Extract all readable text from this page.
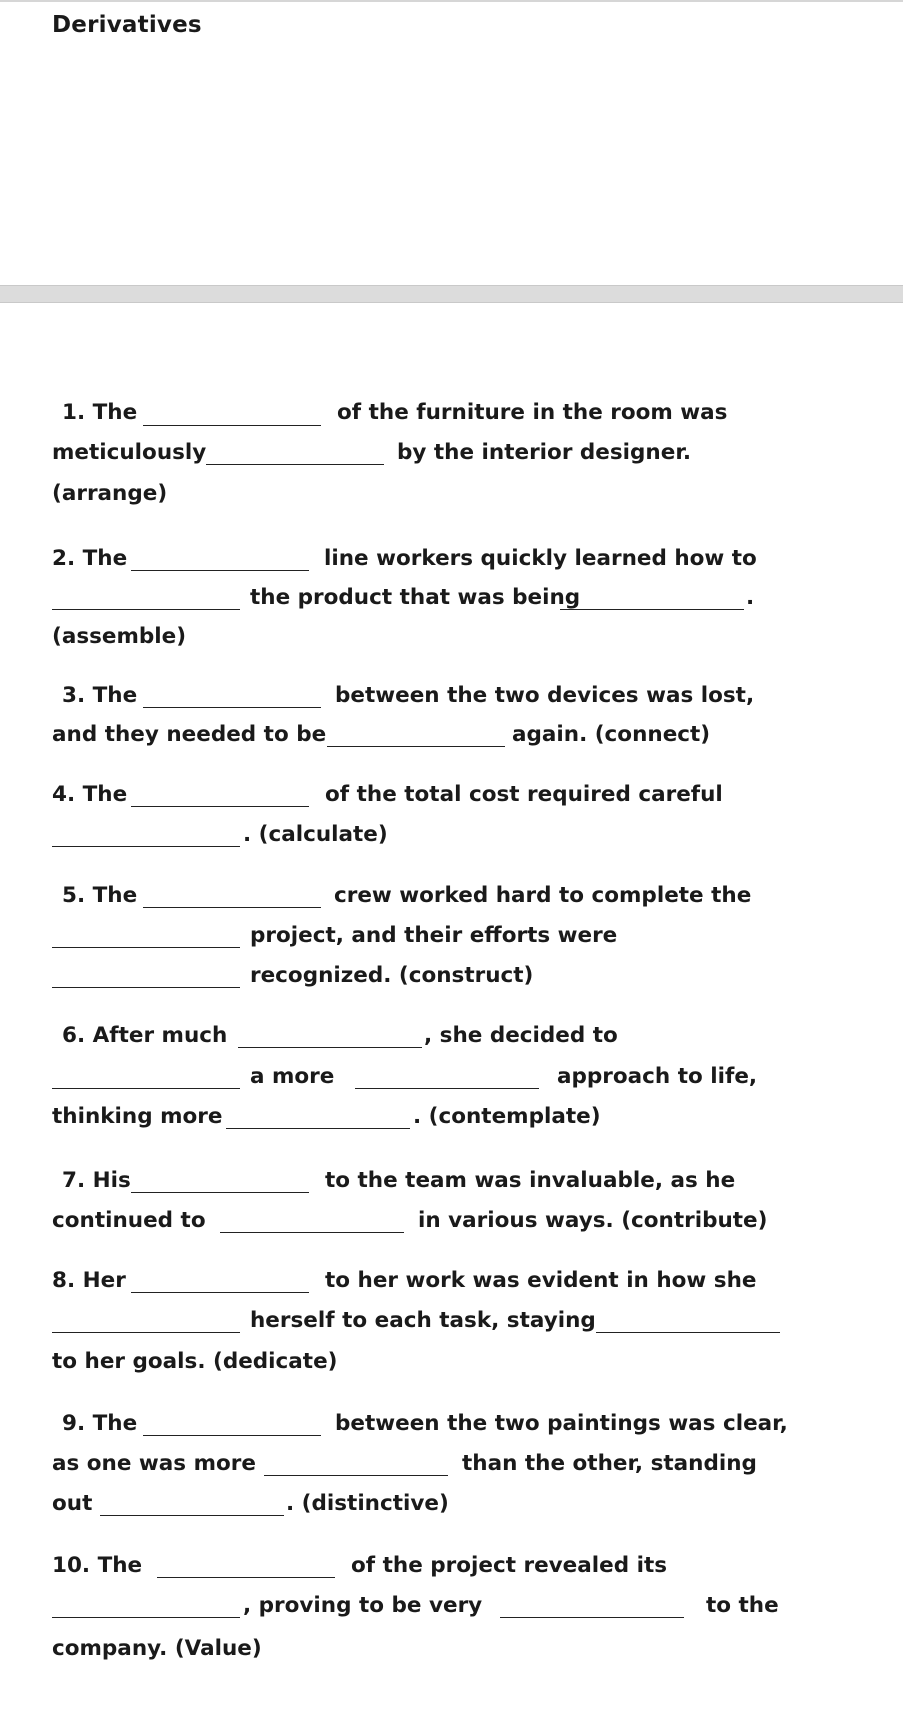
Derivatives
1. The	of the furniture in the room was
meticulously	by the interior designer.
(arrange)
2. The	line workers quickly learned how to
the product that was being	.
(assemble)
3. The	between the two devices was lost,
and they needed to be	again. (connect)
4. The	of the total cost required careful
. (calculate)
5. The	crew worked hard to complete the
project, and their efforts were
recognized. (construct)
6. After much	, she decided to
a more	approach to life,
thinking more	. (contemplate)
7. His	to the team was invaluable, as he
continued to	in various ways. (contribute)
8. Her	to her work was evident in how she
herself to each task, staying
to her goals. (dedicate)
9. The	between the two paintings was clear,
as one was more	than the other, standing
out	. (distinctive)
10. The	of the project revealed its
, proving to be very	to the
company. (Value)
